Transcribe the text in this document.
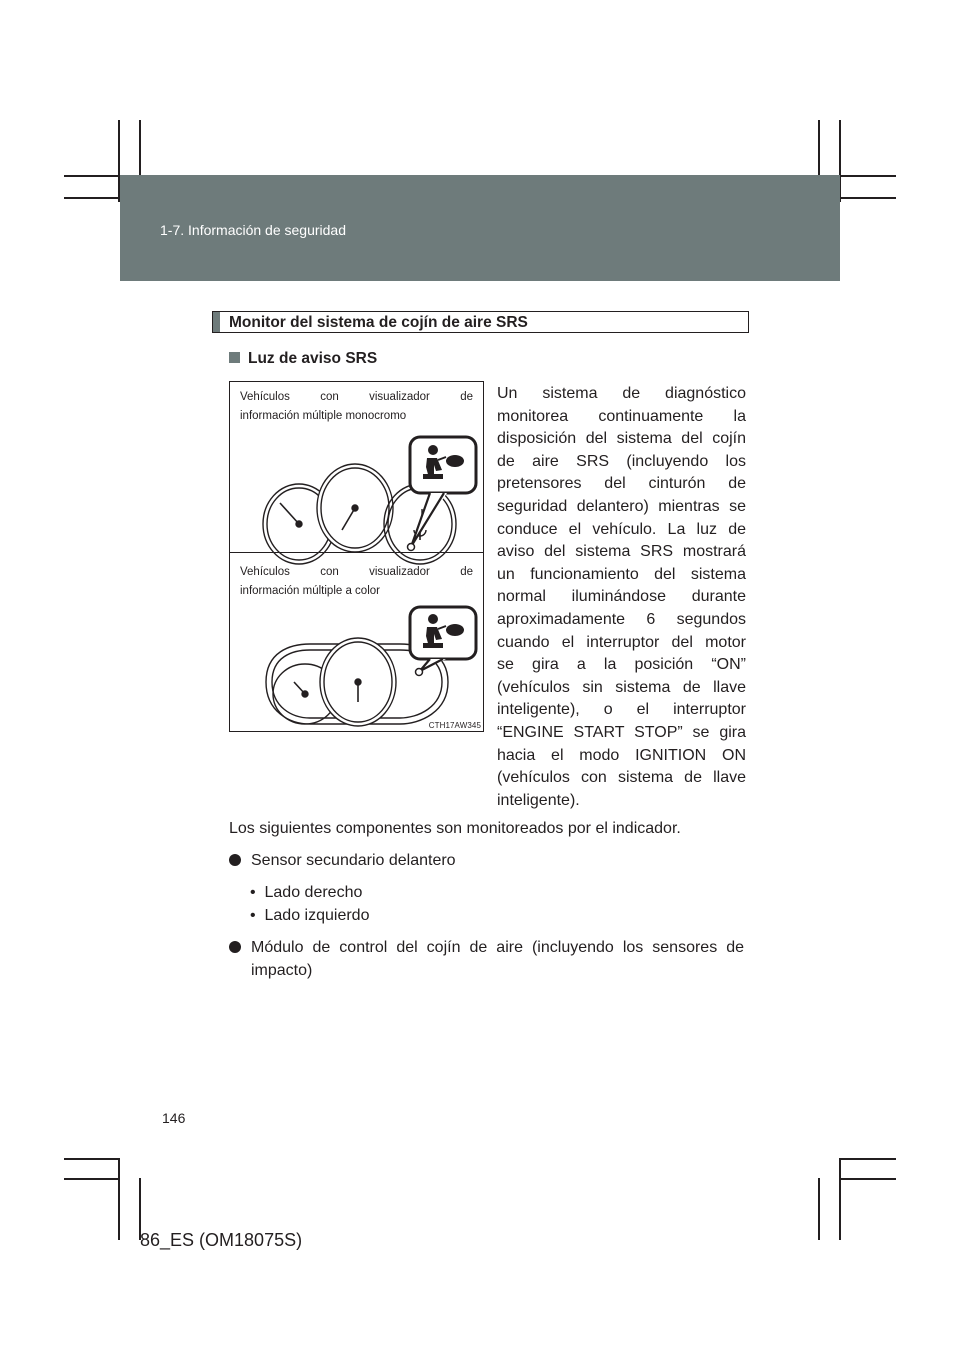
1-7. Información de seguridad
Monitor del sistema de cojín de aire SRS
Luz de aviso SRS
Vehículos	con	visualizador	de
información múltiple monocromo
Vehículos	con	visualizador	de
información múltiple a color
CTH17AW345
Un sistema de diagnóstico
monitorea continuamente la
disposición del sistema del cojín
de aire SRS (incluyendo los
pretensores del cinturón de
seguridad delantero) mientras se
conduce el vehículo. La luz de
aviso del sistema SRS mostrará
un funcionamiento del sistema
normal iluminándose durante
aproximadamente 6 segundos
cuando el interruptor del motor
se gira a la posición “ON”
(vehículos sin sistema de llave
inteligente), o el interruptor
“ENGINE START STOP” se gira
hacia el modo IGNITION ON
(vehículos con sistema de llave
inteligente).
Los siguientes componentes son monitoreados por el indicador.
Sensor secundario delantero
•  Lado derecho
•  Lado izquierdo
Módulo de control del cojín de aire (incluyendo los sensores de
impacto)
146
86_ES (OM18075S)
